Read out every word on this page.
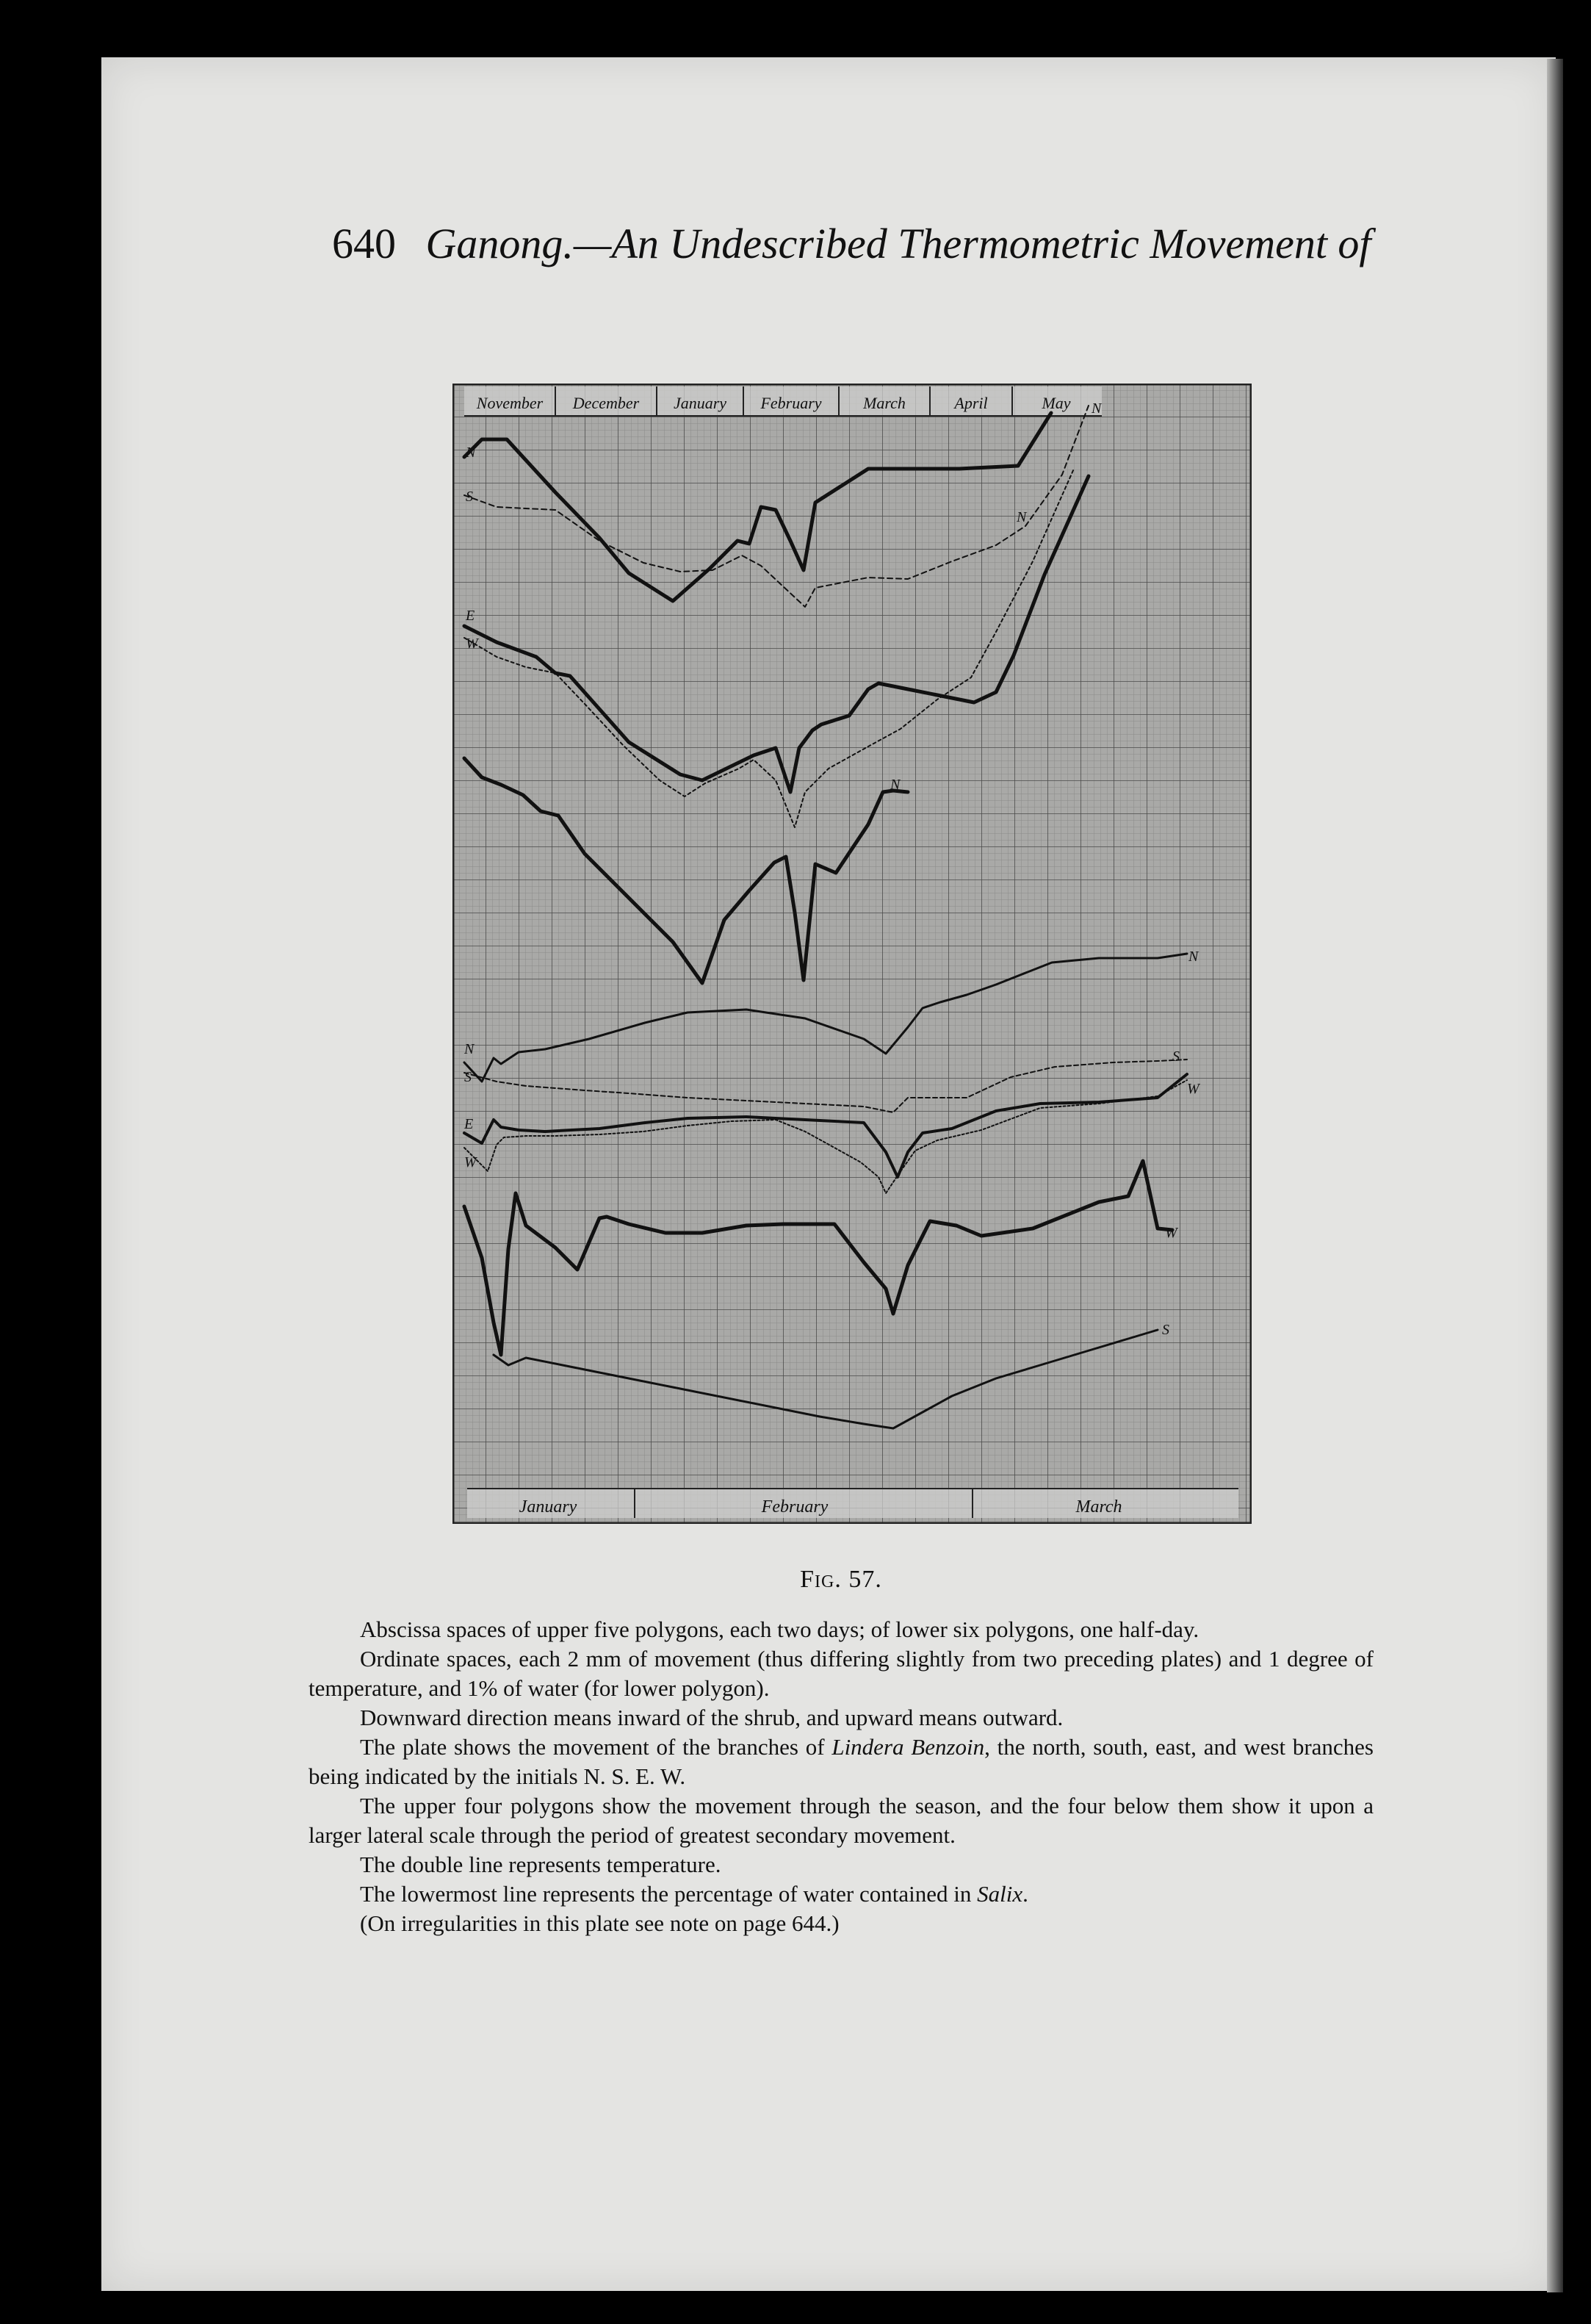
640 Ganong.—An Undescribed Thermometric Movement of
November December January February	March	April	May
January	February	March
N
N
N
E
W
S
N
N
N
S
S
W
E
W
W
S
Fig. 57.

Abscissa spaces of upper five polygons, each two days; of lower six polygons, one half-day.

Ordinate spaces, each 2 mm of movement (thus differing slightly from two preceding plates) and 1 degree of temperature, and 1% of water (for lower polygon).

Downward direction means inward of the shrub, and upward means outward.

The plate shows the movement of the branches of Lindera Benzoin, the north, south, east, and west branches being indicated by the initials N. S. E. W.

The upper four polygons show the movement through the season, and the four below them show it upon a larger lateral scale through the period of greatest secondary movement.

The double line represents temperature.

The lowermost line represents the percentage of water contained in Salix.

(On irregularities in this plate see note on page 644.)
